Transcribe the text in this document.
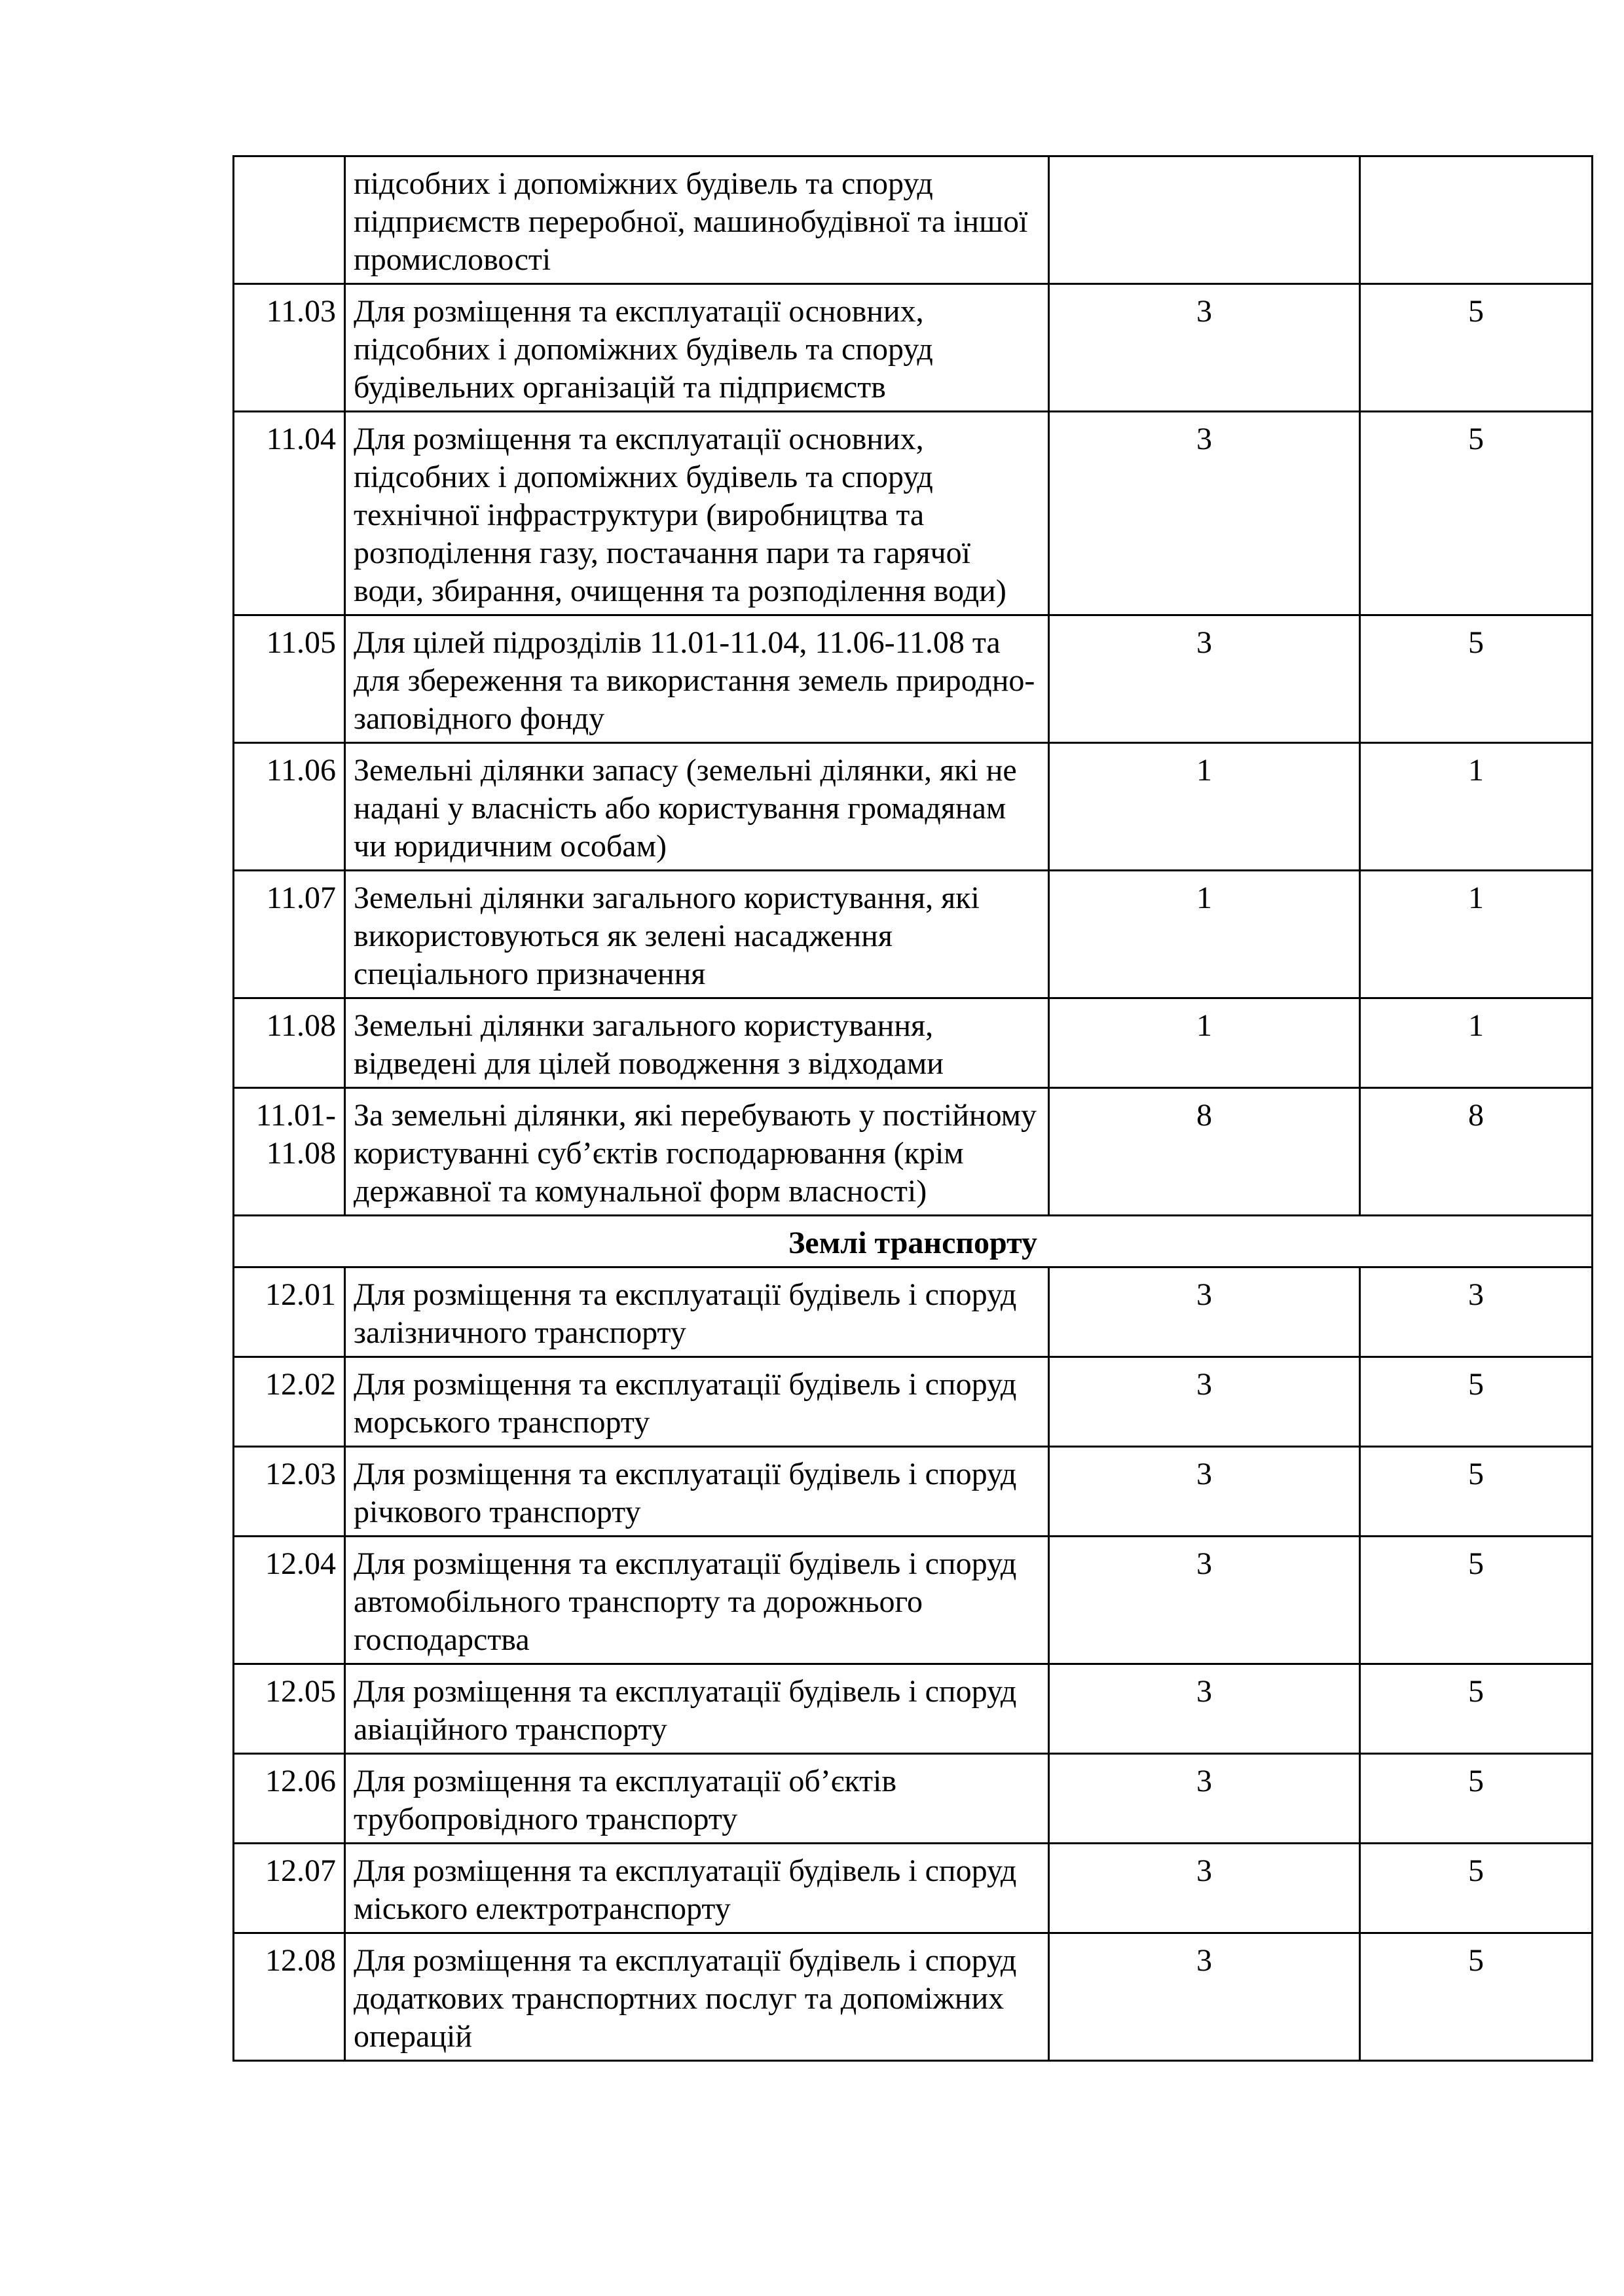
	підсобних і допоміжних будівель та споруд підприємств переробної, машинобудівної та іншої промисловості		
11.03	Для розміщення та експлуатації основних, підсобних і допоміжних будівель та споруд будівельних організацій та підприємств	3	5
11.04	Для розміщення та експлуатації основних, підсобних і допоміжних будівель та споруд технічної інфраструктури (виробництва та розподілення газу, постачання пари та гарячої води, збирання, очищення та розподілення води)	3	5
11.05	Для цілей підрозділів 11.01-11.04, 11.06-11.08 та для збереження та використання земель природно-заповідного фонду	3	5
11.06	Земельні ділянки запасу (земельні ділянки, які не надані у власність або користування громадянам чи юридичним особам)	1	1
11.07	Земельні ділянки загального користування, які використовуються як зелені насадження спеціального призначення	1	1
11.08	Земельні ділянки загального користування, відведені для цілей поводження з відходами	1	1
11.01-11.08	За земельні ділянки, які перебувають у постійному користуванні суб’єктів господарювання (крім державної та комунальної форм власності)	8	8
Землі транспорту			
12.01	Для розміщення та експлуатації будівель і споруд залізничного транспорту	3	3
12.02	Для розміщення та експлуатації будівель і споруд морського транспорту	3	5
12.03	Для розміщення та експлуатації будівель і споруд річкового транспорту	3	5
12.04	Для розміщення та експлуатації будівель і споруд автомобільного транспорту та дорожнього господарства	3	5
12.05	Для розміщення та експлуатації будівель і споруд авіаційного транспорту	3	5
12.06	Для розміщення та експлуатації об’єктів трубопровідного транспорту	3	5
12.07	Для розміщення та експлуатації будівель і споруд міського електротранспорту	3	5
12.08	Для розміщення та експлуатації будівель і споруд додаткових транспортних послуг та допоміжних операцій	3	5
